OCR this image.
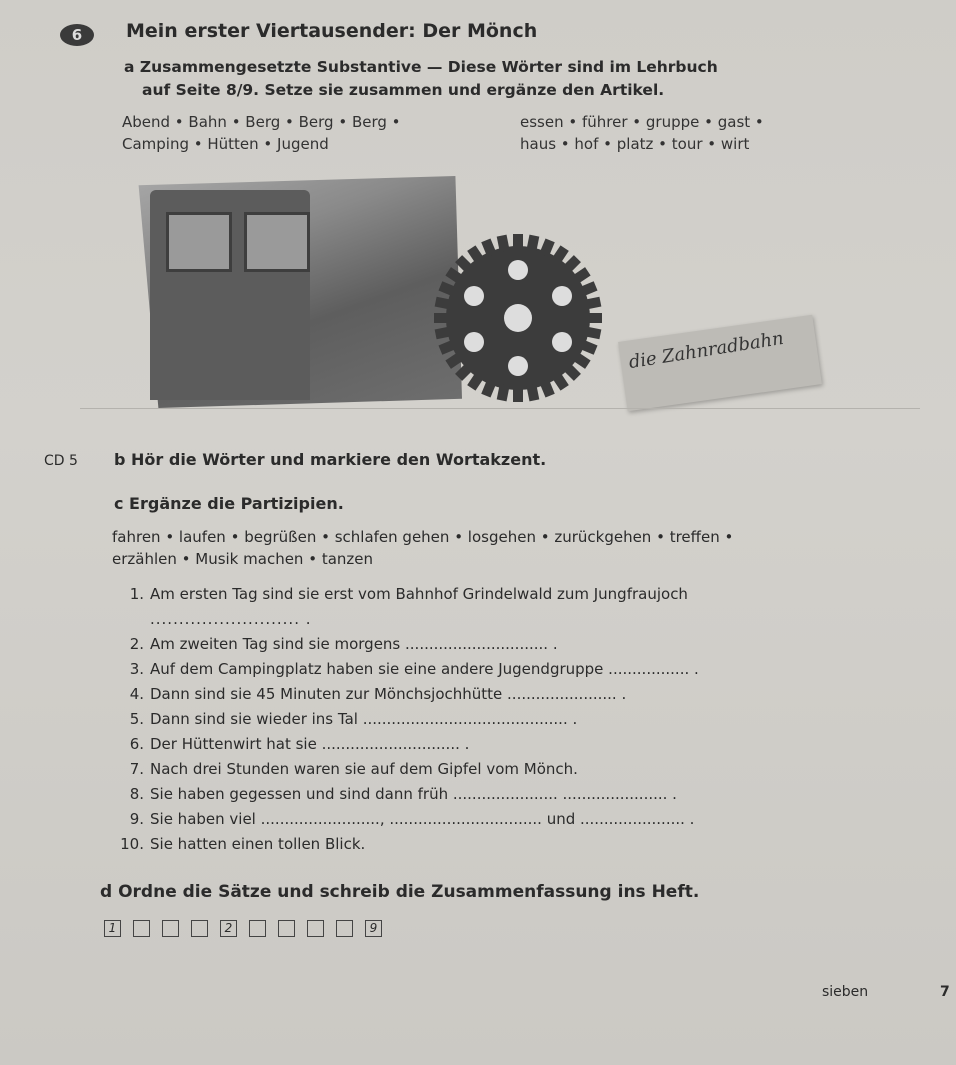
6	Mein erster Viertausender: Der Mönch
a Zusammengesetzte Substantive — Diese Wörter sind im Lehrbuch
auf Seite 8/9. Setze sie zusammen und ergänze den Artikel.
Abend • Bahn • Berg • Berg • Berg •
Camping • Hütten • Jugend
essen • führer • gruppe • gast •
haus • hof • platz • tour • wirt
die Zahnradbahn
CD 5 b Hör die Wörter und markiere den Wortakzent.
c Ergänze die Partizipien.
fahren • laufen • begrüßen • schlafen gehen • losgehen • zurückgehen • treffen •
erzählen • Musik machen • tanzen
1. Am ersten Tag sind sie erst vom Bahnhof Grindelwald zum Jungfraujoch
.......................... .
2. Am zweiten Tag sind sie morgens .............................. .
3. Auf dem Campingplatz haben sie eine andere Jugendgruppe ................. .
4. Dann sind sie 45 Minuten zur Mönchsjochhütte ....................... .
5. Dann sind sie wieder ins Tal ........................................... .
6. Der Hüttenwirt hat sie ............................. .
7. Nach drei Stunden waren sie auf dem Gipfel vom Mönch.
8. Sie haben gegessen und sind dann früh ...................... ...................... .
9. Sie haben viel ........................., ................................ und ...................... .
10. Sie hatten einen tollen Blick.
d Ordne die Sätze und schreib die Zusammenfassung ins Heft.
1	2	9
sieben	7
